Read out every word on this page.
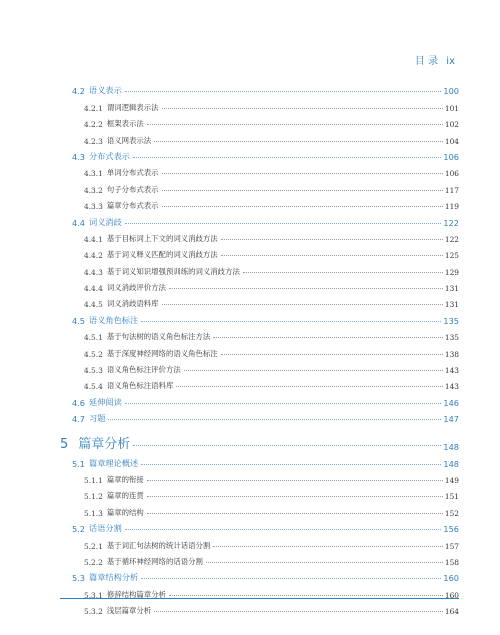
目 录 ix
4.2 语义表示	100
4.2.1 谓词逻辑表示法	101
4.2.2 框架表示法	102
4.2.3 语义网表示法	104
4.3 分布式表示	106
4.3.1 单词分布式表示	106
4.3.2 句子分布式表示	117
4.3.3 篇章分布式表示	119
4.4 词义消歧	122
4.4.1 基于目标词上下文的词义消歧方法	122
4.4.2 基于词义释义匹配的词义消歧方法	125
4.4.3 基于词义知识增强预训练的词义消歧方法	129
4.4.4 词义消歧评价方法	131
4.4.5 词义消歧语料库	131
4.5 语义角色标注	135
4.5.1 基于句法树的语义角色标注方法	135
4.5.2 基于深度神经网络的语义角色标注	138
4.5.3 语义角色标注评价方法	143
4.5.4 语义角色标注语料库	143
4.6 延伸阅读	146
4.7 习题	147
5 篇章分析	148
5.1 篇章理论概述	148
5.1.1 篇章的衔接	149
5.1.2 篇章的连贯	151
5.1.3 篇章的结构	152
5.2 话语分割	156
5.2.1 基于词汇句法树的统计话语分割	157
5.2.2 基于循环神经网络的话语分割	158
5.3 篇章结构分析	160
5.3.1 修辞结构篇章分析	160
5.3.2 浅层篇章分析	164
